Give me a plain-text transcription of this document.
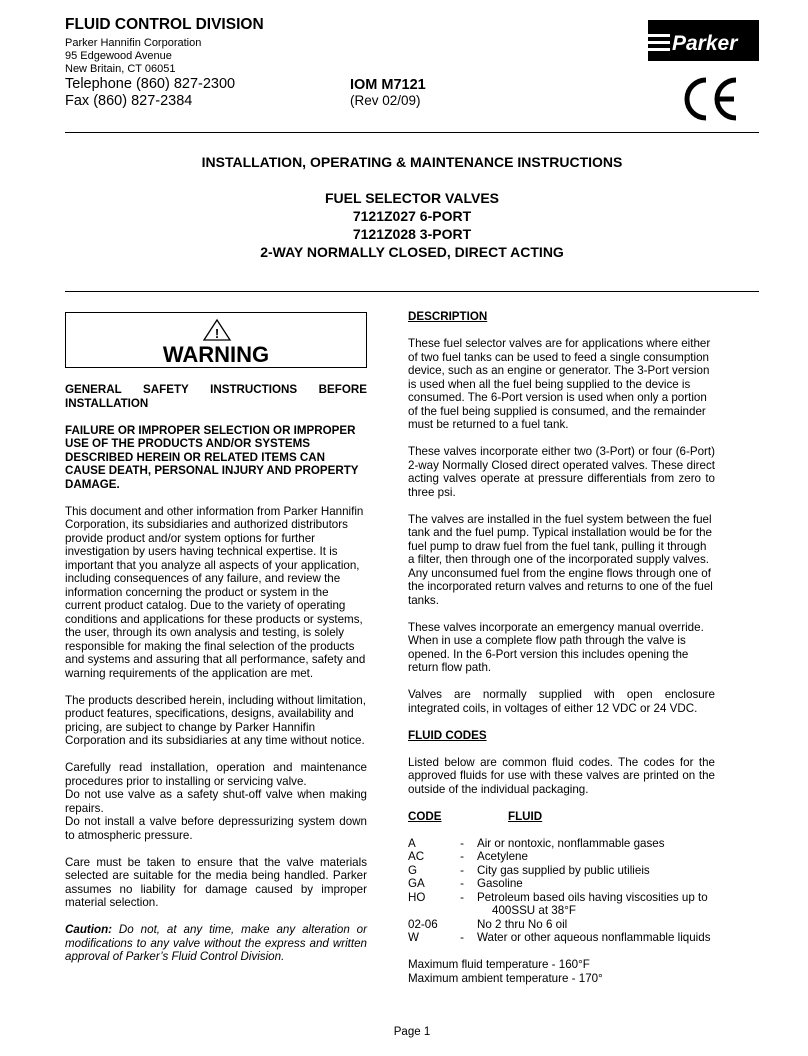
FLUID CONTROL DIVISION
Parker Hannifin Corporation
95 Edgewood Avenue
New Britain, CT 06051
Telephone (860) 827-2300
Fax (860) 827-2384
IOM M7121
(Rev 02/09)
Parker
CE
INSTALLATION, OPERATING & MAINTENANCE INSTRUCTIONS
FUEL SELECTOR VALVES
7121Z027 6-PORT
7121Z028 3-PORT
2-WAY NORMALLY CLOSED, DIRECT ACTING
!
WARNING
GENERAL SAFETY INSTRUCTIONS BEFORE INSTALLATION
FAILURE OR IMPROPER SELECTION OR IMPROPER USE OF THE PRODUCTS AND/OR SYSTEMS DESCRIBED HEREIN OR RELATED ITEMS CAN CAUSE DEATH, PERSONAL INJURY AND PROPERTY DAMAGE.
This document and other information from Parker Hannifin Corporation, its subsidiaries and authorized distributors provide product and/or system options for further investigation by users having technical expertise. It is important that you analyze all aspects of your application, including consequences of any failure, and review the information concerning the product or system in the current product catalog. Due to the variety of operating conditions and applications for these products or systems, the user, through its own analysis and testing, is solely responsible for making the final selection of the products and systems and assuring that all performance, safety and warning requirements of the application are met.
The products described herein, including without limitation, product features, specifications, designs, availability and pricing, are subject to change by Parker Hannifin Corporation and its subsidiaries at any time without notice.
Carefully read installation, operation and maintenance procedures prior to installing or servicing valve.
Do not use valve as a safety shut-off valve when making repairs.
Do not install a valve before depressurizing system down to atmospheric pressure.
Care must be taken to ensure that the valve materials selected are suitable for the media being handled. Parker assumes no liability for damage caused by improper material selection.
Caution: Do not, at any time, make any alteration or modifications to any valve without the express and written approval of Parker’s Fluid Control Division.
DESCRIPTION
These fuel selector valves are for applications where either of two fuel tanks can be used to feed a single consumption device, such as an engine or generator. The 3-Port version is used when all the fuel being supplied to the device is consumed. The 6-Port version is used when only a portion of the fuel being supplied is consumed, and the remainder must be returned to a fuel tank.
These valves incorporate either two (3-Port) or four (6-Port) 2-way Normally Closed direct operated valves. These direct acting valves operate at pressure differentials from zero to three psi.
The valves are installed in the fuel system between the fuel tank and the fuel pump. Typical installation would be for the fuel pump to draw fuel from the fuel tank, pulling it through a filter, then through one of the incorporated supply valves. Any unconsumed fuel from the engine flows through one of the incorporated return valves and returns to one of the fuel tanks.
These valves incorporate an emergency manual override. When in use a complete flow path through the valve is opened. In the 6-Port version this includes opening the return flow path.
Valves are normally supplied with open enclosure integrated coils, in voltages of either 12 VDC or 24 VDC.
FLUID CODES
Listed below are common fluid codes. The codes for the approved fluids for use with these valves are printed on the outside of the individual packaging.
CODE	FLUID
A	-	Air or nontoxic, nonflammable gases
AC	-	Acetylene
G	-	City gas supplied by public utilieis
GA	-	Gasoline
HO	-	Petroleum based oils having viscosities up to
400SSU at 38°F
02-06	No 2 thru No 6 oil
W	-	Water or other aqueous nonflammable liquids
Maximum fluid temperature - 160°F
Maximum ambient temperature - 170°
Page 1
